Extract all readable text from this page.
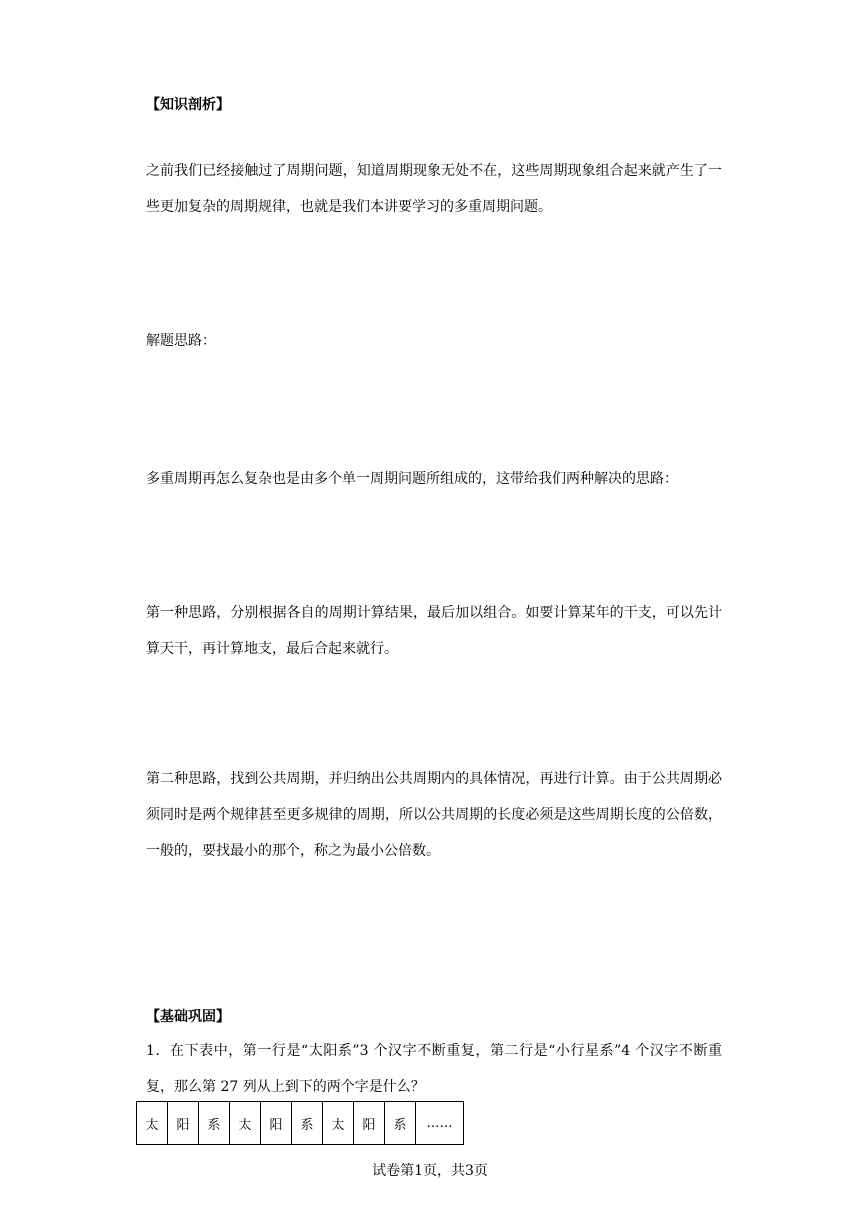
【知识剖析】
之前我们已经接触过了周期问题，知道周期现象无处不在，这些周期现象组合起来就产生了一些更加复杂的周期规律，也就是我们本讲要学习的多重周期问题。
解题思路：
多重周期再怎么复杂也是由多个单一周期问题所组成的，这带给我们两种解决的思路：
第一种思路，分别根据各自的周期计算结果，最后加以组合。如要计算某年的干支，可以先计算天干，再计算地支，最后合起来就行。
第二种思路，找到公共周期，并归纳出公共周期内的具体情况，再进行计算。由于公共周期必须同时是两个规律甚至更多规律的周期，所以公共周期的长度必须是这些周期长度的公倍数，一般的，要找最小的那个，称之为最小公倍数。
【基础巩固】
1．在下表中，第一行是“太阳系”3 个汉字不断重复，第二行是“小行星系”4 个汉字不断重复，那么第 27 列从上到下的两个字是什么？
太	阳	系	太	阳	系	太	阳	系	……
试卷第1页，共3页
